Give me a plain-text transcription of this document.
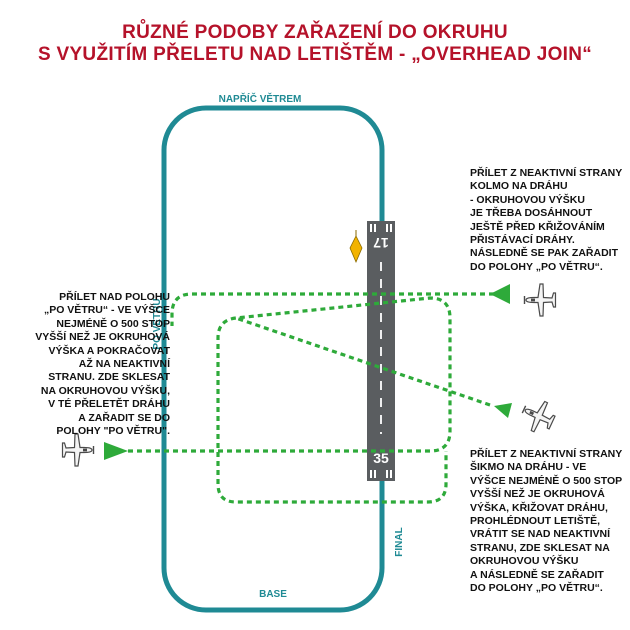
RŮZNÉ PODOBY ZAŘAZENÍ DO OKRUHU
S VYUŽITÍM PŘELETU NAD LETIŠTĚM - „OVERHEAD JOIN“
17
35
NAPŘÍČ VĚTREM
PO VĚTRU
BASE
FINAL
PŘÍLET NAD POLOHU
„PO VĚTRU“ - VE VÝŠCE
NEJMÉNĚ O 500 STOP
VYŠŠÍ NEŽ JE OKRUHOVÁ
VÝŠKA A POKRAČOVAT
AŽ NA NEAKTIVNÍ
STRANU. ZDE SKLESAT
NA OKRUHOVOU VÝŠKU,
V TÉ PŘELETĚT DRÁHU
A ZAŘADIT SE DO
POLOHY "PO VĚTRU".
PŘÍLET Z NEAKTIVNÍ STRANY
KOLMO NA DRÁHU
- OKRUHOVOU VÝŠKU
JE TŘEBA DOSÁHNOUT
JEŠTĚ PŘED KŘIŽOVÁNÍM
PŘISTÁVACÍ DRÁHY.
NÁSLEDNĚ SE PAK ZAŘADIT
DO POLOHY „PO VĚTRU“.
PŘÍLET Z NEAKTIVNÍ STRANY
ŠIKMO NA DRÁHU - VE
VÝŠCE NEJMÉNĚ O 500 STOP
VYŠŠÍ NEŽ JE OKRUHOVÁ
VÝŠKA, KŘIŽOVAT DRÁHU,
PROHLÉDNOUT LETIŠTĚ,
VRÁTIT SE NAD NEAKTIVNÍ
STRANU, ZDE SKLESAT NA
OKRUHOVOU VÝŠKU
A NÁSLEDNĚ SE ZAŘADIT
DO POLOHY „PO VĚTRU“.
